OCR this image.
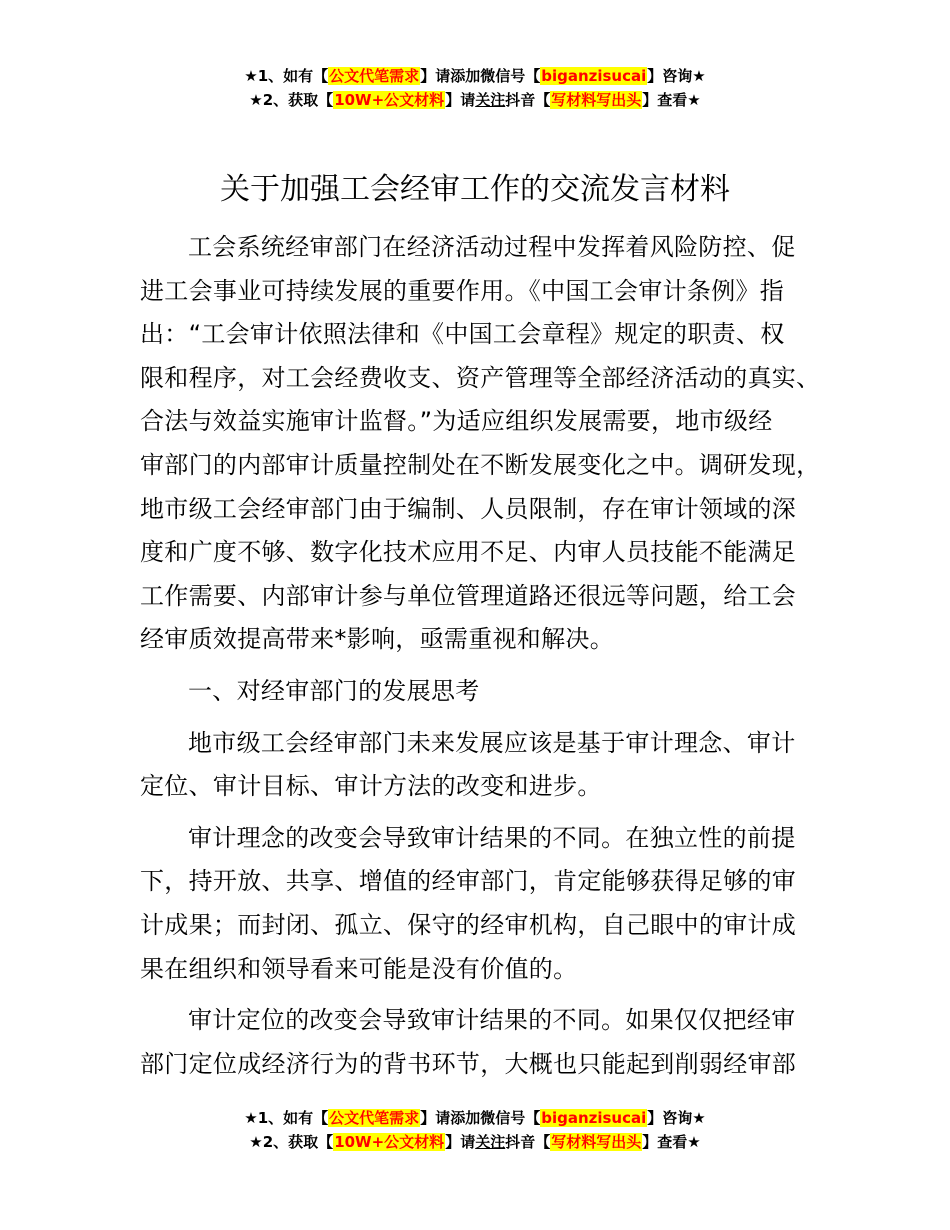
★1、如有【公文代笔需求】请添加微信号【biganzisucai】咨询★
★2、获取【10W+公文材料】请关注抖音【写材料写出头】查看★
关于加强工会经审工作的交流发言材料
工会系统经审部门在经济活动过程中发挥着风险防控、促
进工会事业可持续发展的重要作用。《中国工会审计条例》指
出：“工会审计依照法律和《中国工会章程》规定的职责、权
限和程序，对工会经费收支、资产管理等全部经济活动的真实、
合法与效益实施审计监督。”为适应组织发展需要，地市级经
审部门的内部审计质量控制处在不断发展变化之中。调研发现，
地市级工会经审部门由于编制、人员限制，存在审计领域的深
度和广度不够、数字化技术应用不足、内审人员技能不能满足
工作需要、内部审计参与单位管理道路还很远等问题，给工会
经审质效提高带来*影响，亟需重视和解决。
一、对经审部门的发展思考
地市级工会经审部门未来发展应该是基于审计理念、审计
定位、审计目标、审计方法的改变和进步。
审计理念的改变会导致审计结果的不同。在独立性的前提
下，持开放、共享、增值的经审部门，肯定能够获得足够的审
计成果；而封闭、孤立、保守的经审机构，自己眼中的审计成
果在组织和领导看来可能是没有价值的。
审计定位的改变会导致审计结果的不同。如果仅仅把经审
部门定位成经济行为的背书环节，大概也只能起到削弱经审部
★1、如有【公文代笔需求】请添加微信号【biganzisucai】咨询★
★2、获取【10W+公文材料】请关注抖音【写材料写出头】查看★
